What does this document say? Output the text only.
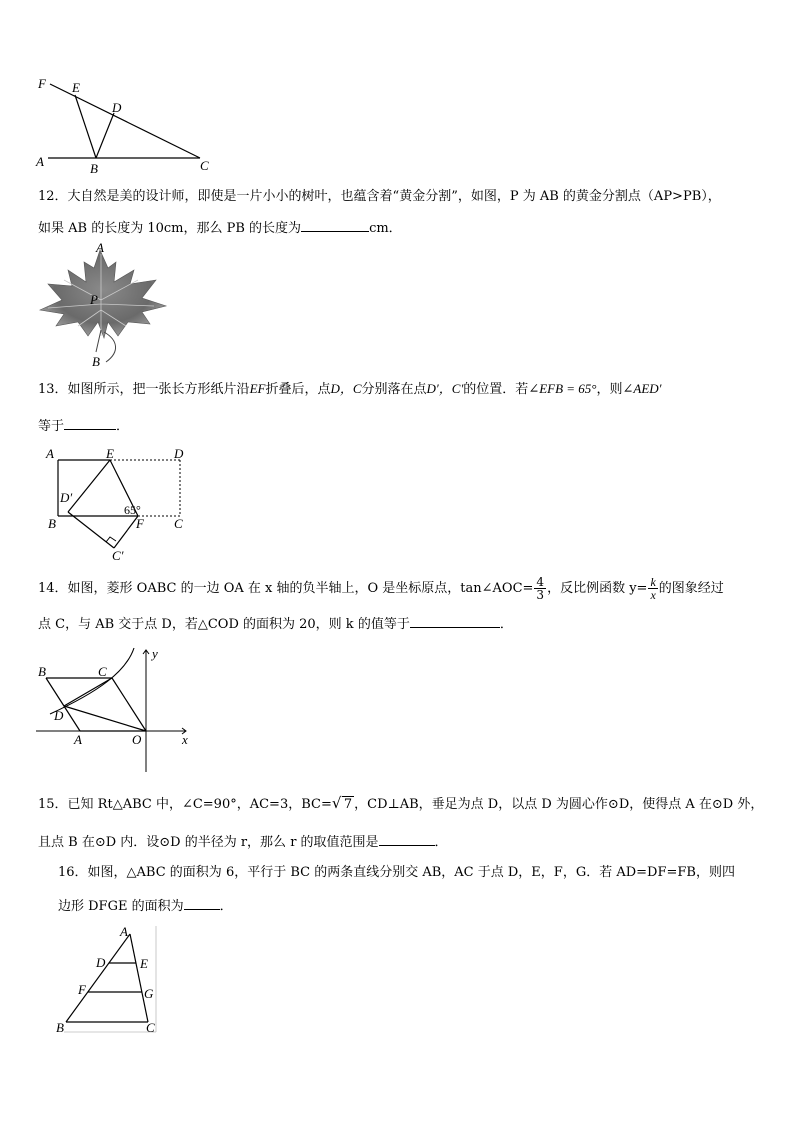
F E
D
A	B	C
12．大自然是美的设计师，即使是一片小小的树叶，也蕴含着“黄金分割”，如图，P 为 AB 的黄金分割点（AP>PB），
如果 AB 的长度为 10cm，那么 PB 的长度为	cm．
A
P
B
13．如图所示，把一张长方形纸片沿EF折叠后，点D，C分别落在点D′，C′的位置．若∠EFB = 65°，则∠AED′
等于	．
A	E	D
D′
65°
B	F C
C′
14．如图，菱形 OABC 的一边 OA 在 x 轴的负半轴上，O 是坐标原点，tan∠AOC= $\frac{4}{3}$ ，反比例函数 $y= \frac{k}{x}$ 的图象经过
点 C，与 AB 交于点 D，若△COD 的面积为 20，则 k 的值等于	．
B	C
y
D
A	O	x
15．已知 Rt△ABC 中，∠C=90°，AC=3，BC= √ 7 ，CD⊥AB，垂足为点 D，以点 D 为圆心作⊙D，使得点 A 在⊙D 外，
且点 B 在⊙D 内．设⊙D 的半径为 r，那么 r 的取值范围是	．
16．如图，△ABC 的面积为 6，平行于 BC 的两条直线分别交 AB，AC 于点 D，E，F，G．若 AD=DF=FB，则四
边形 DFGE 的面积为	．
A
D	E
F	G
B	C
